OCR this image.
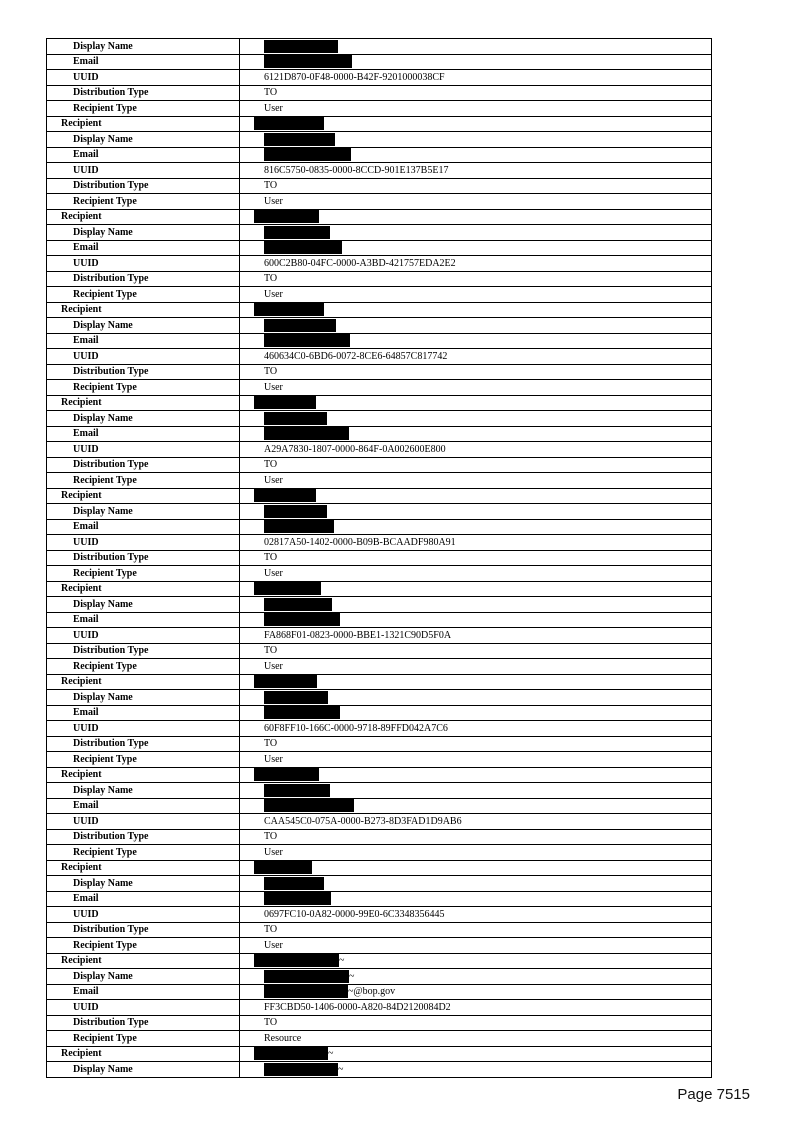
Display Name	
Email	
UUID	6121D870-0F48-0000-B42F-9201000038CF
Distribution Type	TO
Recipient Type	User
Recipient	
Display Name	
Email	
UUID	816C5750-0835-0000-8CCD-901E137B5E17
Distribution Type	TO
Recipient Type	User
Recipient	
Display Name	
Email	
UUID	600C2B80-04FC-0000-A3BD-421757EDA2E2
Distribution Type	TO
Recipient Type	User
Recipient	
Display Name	
Email	
UUID	460634C0-6BD6-0072-8CE6-64857C817742
Distribution Type	TO
Recipient Type	User
Recipient	
Display Name	
Email	
UUID	A29A7830-1807-0000-864F-0A002600E800
Distribution Type	TO
Recipient Type	User
Recipient	
Display Name	
Email	
UUID	02817A50-1402-0000-B09B-BCAADF980A91
Distribution Type	TO
Recipient Type	User
Recipient	
Display Name	
Email	
UUID	FA868F01-0823-0000-BBE1-1321C90D5F0A
Distribution Type	TO
Recipient Type	User
Recipient	
Display Name	
Email	
UUID	60F8FF10-166C-0000-9718-89FFD042A7C6
Distribution Type	TO
Recipient Type	User
Recipient	
Display Name	
Email	
UUID	CAA545C0-075A-0000-B273-8D3FAD1D9AB6
Distribution Type	TO
Recipient Type	User
Recipient	
Display Name	
Email	
UUID	0697FC10-0A82-0000-99E0-6C3348356445
Distribution Type	TO
Recipient Type	User
Recipient	~
Display Name	~
Email	~@bop.gov
UUID	FF3CBD50-1406-0000-A820-84D2120084D2
Distribution Type	TO
Recipient Type	Resource
Recipient	~
Display Name	~
Page 7515
